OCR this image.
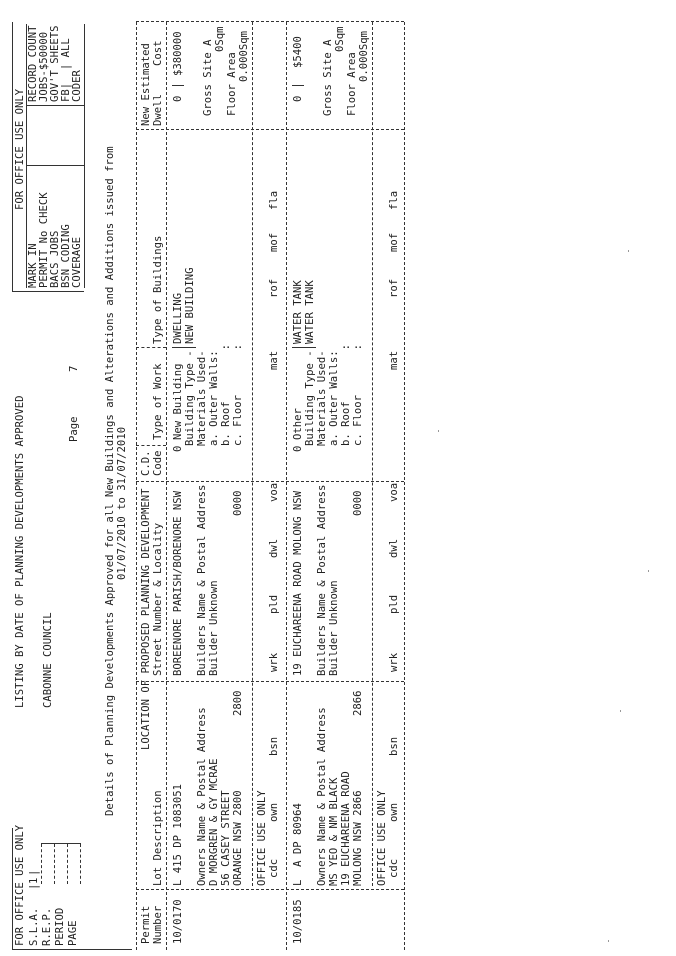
FOR OFFICE USE ONLY S.L.A.
|
1
|
R.E.P. PERIOD PAGE
LISTING BY DATE OF PLANNING DEVELOPMENTS APPROVED CABONNE COUNCIL
Page
7
FOR OFFICE USE ONLY
MARK IN PERMIT No CHECK BACS JOBS BSN CODING COVERAGE
RECORD COUNT JOBS-$50000 GOV'T SHEETS FB|  | ALL CODER
Details of Planning Developments Approved for all New Buildings and Alterations and Additions issued from 01/07/2010 to 31/07/2010
Permit Number
Lot Description
LOCATION OF PROPOSED PLANNING DEVELOPMENT Street Number & Locality
C.D. Code
Type of Work
Type of Buildings
New Estimated Dwell
Cost
10/0170
L 415 DP 1083051
BOREENORE PARISH/BORENORE NSW
Owners Name & Postal Address D MORGREN & GY MCRAE 56 CASEY STREET ORANGE NSW 2800
2800
Builders Name & Postal Address Builder Unknown
0000
0
New Building Building Type - Materials Used- a. Outer Walls: b. Roof        : c. Floor       :
DWELLING NEW BUILDING
0
$380000 Gross Site A
0Sqm
Floor Area 0.000Sqm
OFFICE USE ONLY cdc
own
bsn
wrk
pld
dwl
voa
mat
rof
mof
fla
10/0185
L  A DP 80964
19 EUCHAREENA ROAD MOLONG NSW
Owners Name & Postal Address MS YEO & NM BLACK 19 EUCHAREENA ROAD MOLONG NSW 2866
2866
Builders Name & Postal Address Builder Unknown
0000
0
Other Building Type - Materials Used- a. Outer Walls: b. Roof        : c. Floor       :
WATER TANK WATER TANK
0
$5400 Gross Site A
0Sqm
Floor Area 0.000Sqm
OFFICE USE ONLY cdc
own
bsn
wrk
pld
dwl
voa
mat
rof
mof
fla
